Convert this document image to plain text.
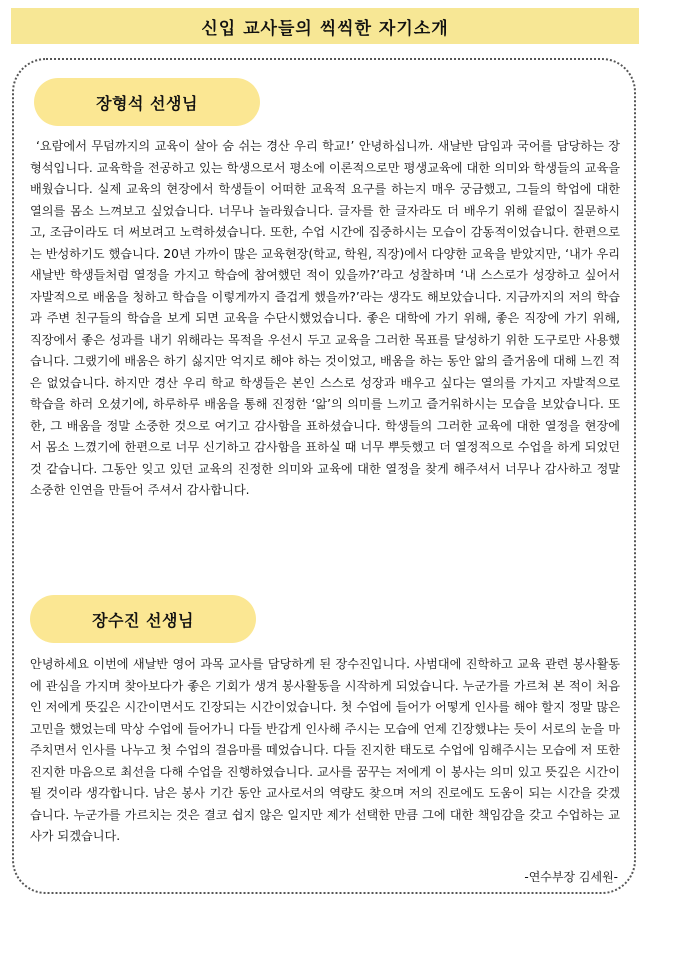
신입 교사들의 씩씩한 자기소개
장형석 선생님

‘요람에서 무덤까지의 교육이 살아 숨 쉬는 경산 우리 학교!’ 안녕하십니까. 새날반 담임과 국어를 담당하는 장형석입니다. 교육학을 전공하고 있는 학생으로서 평소에 이론적으로만 평생교육에 대한 의미와 학생들의 교육을 배웠습니다. 실제 교육의 현장에서 학생들이 어떠한 교육적 요구를 하는지 매우 궁금했고, 그들의 학업에 대한 열의를 몸소 느껴보고 싶었습니다. 너무나 놀라웠습니다. 글자를 한 글자라도 더 배우기 위해 끝없이 질문하시고, 조금이라도 더 써보려고 노력하셨습니다. 또한, 수업 시간에 집중하시는 모습이 감동적이었습니다. 한편으로는 반성하기도 했습니다. 20년 가까이 많은 교육현장(학교, 학원, 직장)에서 다양한 교육을 받았지만, ‘내가 우리 새날반 학생들처럼 열정을 가지고 학습에 참여했던 적이 있을까?’라고 성찰하며 ‘내 스스로가 성장하고 싶어서 자발적으로 배움을 청하고 학습을 이렇게까지 즐겁게 했을까?’라는 생각도 해보았습니다. 지금까지의 저의 학습과 주변 친구들의 학습을 보게 되면 교육을 수단시했었습니다. 좋은 대학에 가기 위해, 좋은 직장에 가기 위해, 직장에서 좋은 성과를 내기 위해라는 목적을 우선시 두고 교육을 그러한 목표를 달성하기 위한 도구로만 사용했습니다. 그랬기에 배움은 하기 싫지만 억지로 해야 하는 것이었고, 배움을 하는 동안 앎의 즐거움에 대해 느낀 적은 없었습니다. 하지만 경산 우리 학교 학생들은 본인 스스로 성장과 배우고 싶다는 열의를 가지고 자발적으로 학습을 하러 오셨기에, 하루하루 배움을 통해 진정한 ‘앎’의 의미를 느끼고 즐거워하시는 모습을 보았습니다. 또한, 그 배움을 정말 소중한 것으로 여기고 감사함을 표하셨습니다. 학생들의 그러한 교육에 대한 열정을 현장에서 몸소 느꼈기에 한편으로 너무 신기하고 감사함을 표하실 때 너무 뿌듯했고 더 열정적으로 수업을 하게 되었던 것 같습니다. 그동안 잊고 있던 교육의 진정한 의미와 교육에 대한 열정을 찾게 해주셔서 너무나 감사하고 정말 소중한 인연을 만들어 주셔서 감사합니다.

장수진 선생님

안녕하세요 이번에 새날반 영어 과목 교사를 담당하게 된 장수진입니다. 사범대에 진학하고 교육 관련 봉사활동에 관심을 가지며 찾아보다가 좋은 기회가 생겨 봉사활동을 시작하게 되었습니다. 누군가를 가르쳐 본 적이 처음인 저에게 뜻깊은 시간이면서도 긴장되는 시간이었습니다. 첫 수업에 들어가 어떻게 인사를 해야 할지 정말 많은 고민을 했었는데 막상 수업에 들어가니 다들 반갑게 인사해 주시는 모습에 언제 긴장했냐는 듯이 서로의 눈을 마주치면서 인사를 나누고 첫 수업의 걸음마를 떼었습니다. 다들 진지한 태도로 수업에 임해주시는 모습에 저 또한 진지한 마음으로 최선을 다해 수업을 진행하였습니다. 교사를 꿈꾸는 저에게 이 봉사는 의미 있고 뜻깊은 시간이 될 것이라 생각합니다. 남은 봉사 기간 동안 교사로서의 역량도 찾으며 저의 진로에도 도움이 되는 시간을 갖겠습니다. 누군가를 가르치는 것은 결코 쉽지 않은 일지만 제가 선택한 만큼 그에 대한 책임감을 갖고 수업하는 교사가 되겠습니다.

-연수부장 김세원-
